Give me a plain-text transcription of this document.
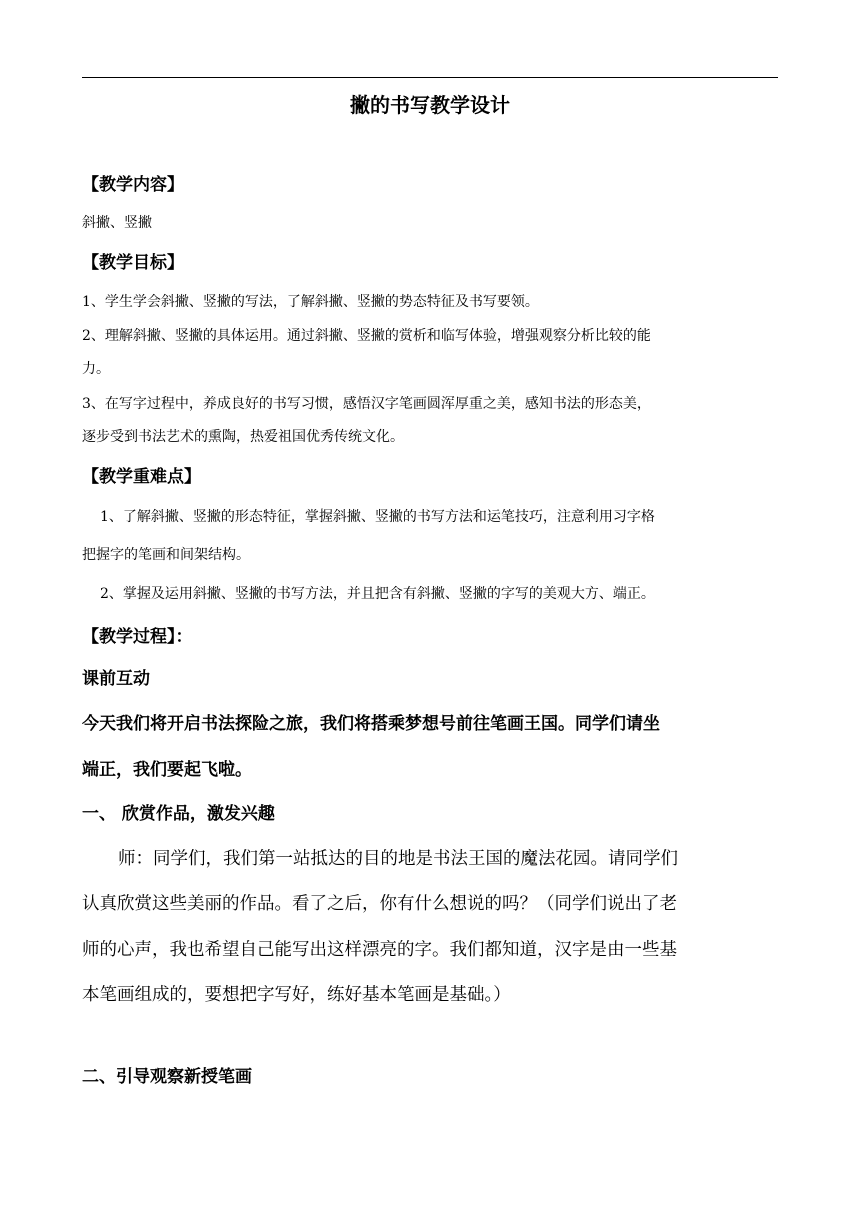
撇的书写教学设计
【教学内容】
斜撇、竖撇
【教学目标】
1、学生学会斜撇、竖撇的写法，了解斜撇、竖撇的势态特征及书写要领。
2、理解斜撇、竖撇的具体运用。通过斜撇、竖撇的赏析和临写体验，增强观察分析比较的能
力。
3、在写字过程中，养成良好的书写习惯，感悟汉字笔画圆浑厚重之美，感知书法的形态美，
逐步受到书法艺术的熏陶，热爱祖国优秀传统文化。
【教学重难点】
1、了解斜撇、竖撇的形态特征，掌握斜撇、竖撇的书写方法和运笔技巧，注意利用习字格
把握字的笔画和间架结构。
2、掌握及运用斜撇、竖撇的书写方法，并且把含有斜撇、竖撇的字写的美观大方、端正。
【教学过程】：
课前互动
今天我们将开启书法探险之旅，我们将搭乘梦想号前往笔画王国。同学们请坐
端正，我们要起飞啦。
一、 欣赏作品，激发兴趣
师：同学们，我们第一站抵达的目的地是书法王国的魔法花园。请同学们
认真欣赏这些美丽的作品。看了之后，你有什么想说的吗？（同学们说出了老
师的心声，我也希望自己能写出这样漂亮的字。我们都知道，汉字是由一些基
本笔画组成的，要想把字写好，练好基本笔画是基础。）
二、引导观察新授笔画
